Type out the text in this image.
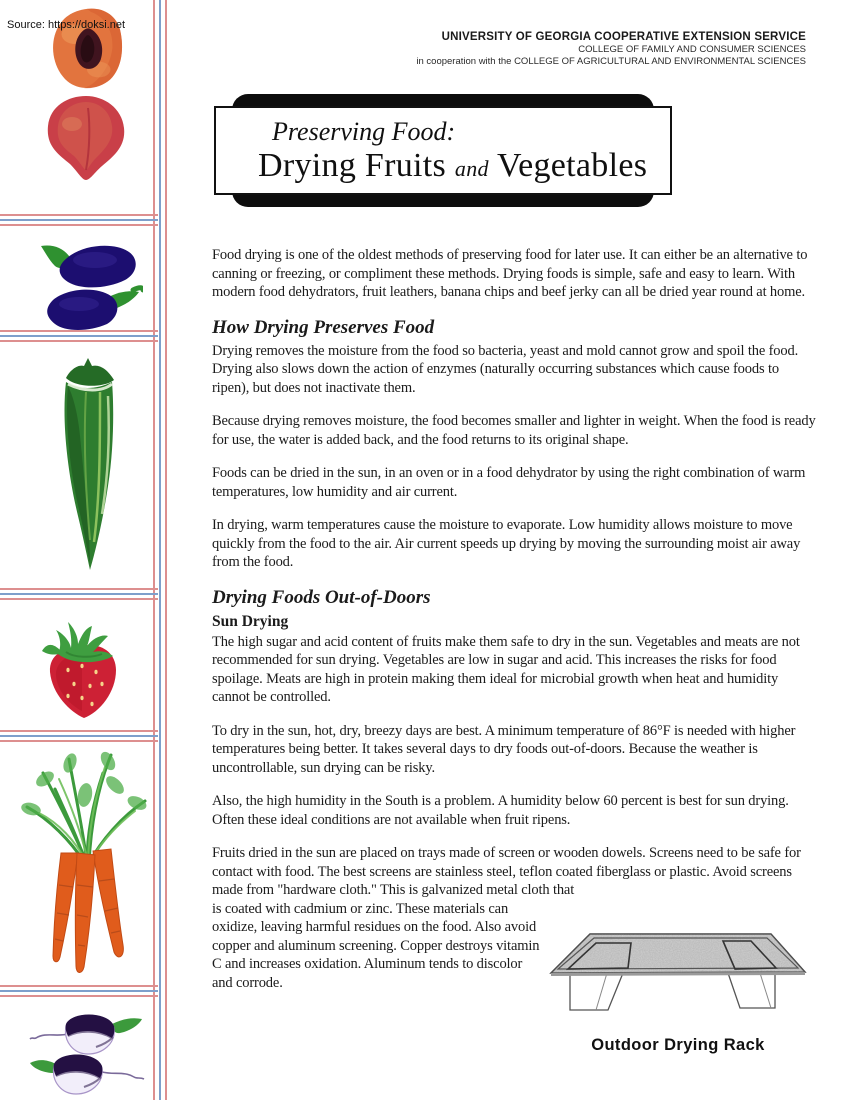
Source: https://doksi.net
UNIVERSITY OF GEORGIA COOPERATIVE EXTENSION SERVICE
COLLEGE OF FAMILY AND CONSUMER SCIENCES
in cooperation with the COLLEGE OF AGRICULTURAL AND ENVIRONMENTAL SCIENCES
Preserving Food:
Drying Fruits and Vegetables

Food drying is one of the oldest methods of preserving food for later use. It can either be an alternative to canning or freezing, or compliment these methods. Drying foods is simple, safe and easy to learn. With modern food dehydrators, fruit leathers, banana chips and beef jerky can all be dried year round at home.

How Drying Preserves Food

Drying removes the moisture from the food so bacteria, yeast and mold cannot grow and spoil the food. Drying also slows down the action of enzymes (naturally occurring substances which cause foods to ripen), but does not inactivate them.

Because drying removes moisture, the food becomes smaller and lighter in weight. When the food is ready for use, the water is added back, and the food returns to its original shape.

Foods can be dried in the sun, in an oven or in a food dehydrator by using the right combination of warm temperatures, low humidity and air current.

In drying, warm temperatures cause the moisture to evaporate. Low humidity allows moisture to move quickly from the food to the air. Air current speeds up drying by moving the surrounding moist air away from the food.

Drying Foods Out-of-Doors
Sun Drying

The high sugar and acid content of fruits make them safe to dry in the sun. Vegetables and meats are not recommended for sun drying. Vegetables are low in sugar and acid. This increases the risks for food spoilage. Meats are high in protein making them ideal for microbial growth when heat and humidity cannot be controlled.

To dry in the sun, hot, dry, breezy days are best. A minimum temperature of 86°F is needed with higher temperatures being better. It takes several days to dry foods out-of-doors. Because the weather is uncontrollable, sun drying can be risky.

Also, the high humidity in the South is a problem. A humidity below 60 percent is best for sun drying. Often these ideal conditions are not available when fruit ripens.

Fruits dried in the sun are placed on trays made of screen or wooden dowels. Screens need to be safe for contact with food. The best screens are stainless steel, teflon coated fiberglass or plastic. Avoid screens made from "hardware cloth." This is galvanized metal cloth that

is coated with cadmium or zinc. These materials can oxidize, leaving harmful residues on the food. Also avoid copper and aluminum screening. Copper destroys vitamin C and increases oxidation. Aluminum tends to discolor and corrode.

Outdoor Drying Rack
